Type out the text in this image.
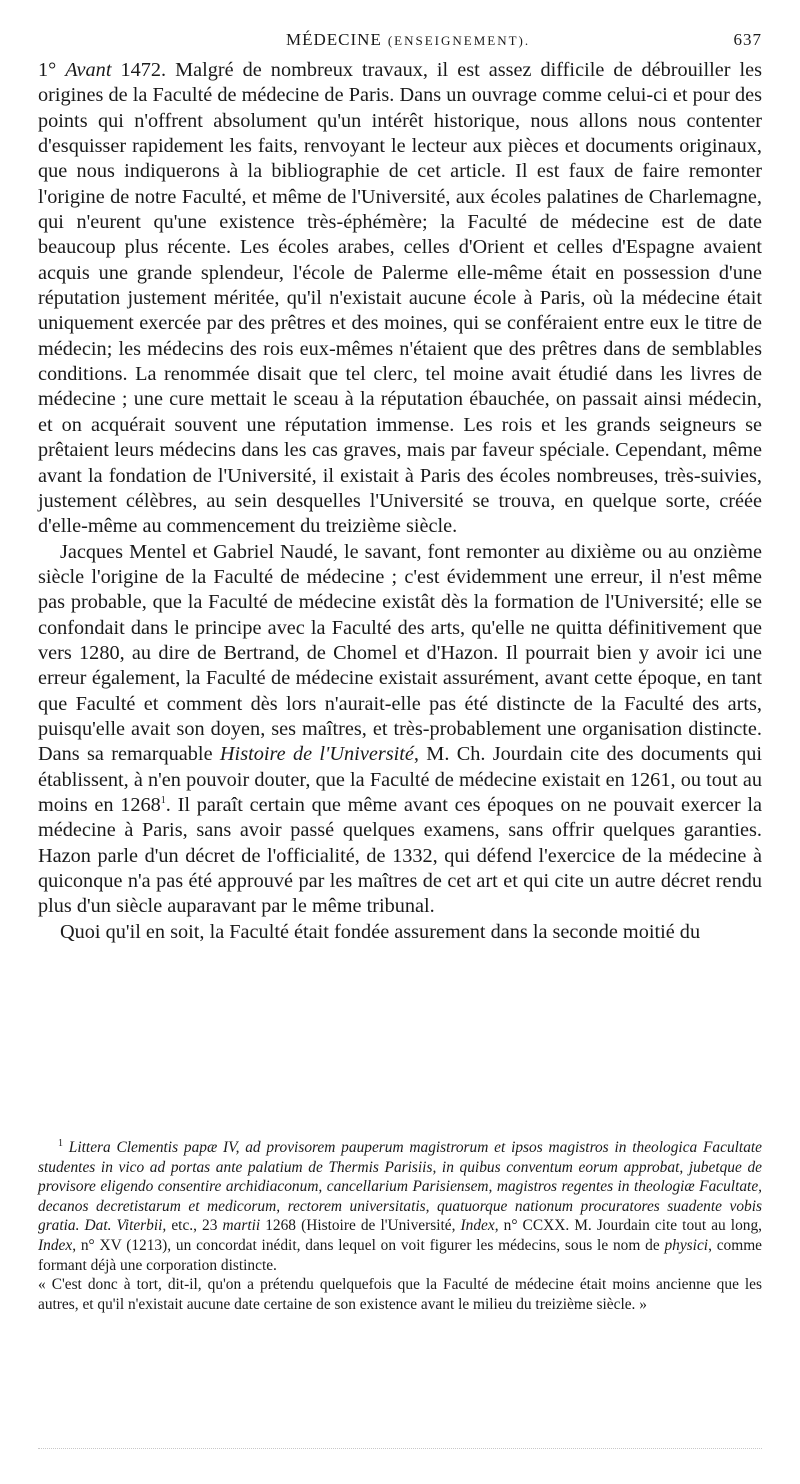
MÉDECINE (ENSEIGNEMENT).	637

1° Avant 1472. Malgré de nombreux travaux, il est assez difficile de débrouiller les origines de la Faculté de médecine de Paris. Dans un ouvrage comme celui-ci et pour des points qui n'offrent absolument qu'un intérêt historique, nous allons nous contenter d'esquisser rapidement les faits, renvoyant le lecteur aux pièces et documents originaux, que nous indiquerons à la bibliographie de cet article. Il est faux de faire remonter l'origine de notre Faculté, et même de l'Université, aux écoles palatines de Charlemagne, qui n'eurent qu'une existence très-éphémère; la Faculté de médecine est de date beaucoup plus récente. Les écoles arabes, celles d'Orient et celles d'Espagne avaient acquis une grande splendeur, l'école de Palerme elle-même était en possession d'une réputation justement méritée, qu'il n'existait aucune école à Paris, où la médecine était uniquement exercée par des prêtres et des moines, qui se conféraient entre eux le titre de médecin; les médecins des rois eux-mêmes n'étaient que des prêtres dans de semblables conditions. La renommée disait que tel clerc, tel moine avait étudié dans les livres de médecine ; une cure mettait le sceau à la réputation ébauchée, on passait ainsi médecin, et on acquérait souvent une réputation immense. Les rois et les grands seigneurs se prêtaient leurs médecins dans les cas graves, mais par faveur spéciale. Cependant, même avant la fondation de l'Université, il existait à Paris des écoles nombreuses, très-suivies, justement célèbres, au sein desquelles l'Université se trouva, en quelque sorte, créée d'elle-même au commencement du treizième siècle.

Jacques Mentel et Gabriel Naudé, le savant, font remonter au dixième ou au onzième siècle l'origine de la Faculté de médecine ; c'est évidemment une erreur, il n'est même pas probable, que la Faculté de médecine existât dès la formation de l'Université; elle se confondait dans le principe avec la Faculté des arts, qu'elle ne quitta définitivement que vers 1280, au dire de Bertrand, de Chomel et d'Hazon. Il pourrait bien y avoir ici une erreur également, la Faculté de médecine existait assurément, avant cette époque, en tant que Faculté et comment dès lors n'aurait-elle pas été distincte de la Faculté des arts, puisqu'elle avait son doyen, ses maîtres, et très-probablement une organisation distincte. Dans sa remarquable Histoire de l'Université, M. Ch. Jourdain cite des documents qui établissent, à n'en pouvoir douter, que la Faculté de médecine existait en 1261, ou tout au moins en 1268$^1$. Il paraît certain que même avant ces époques on ne pouvait exercer la médecine à Paris, sans avoir passé quelques examens, sans offrir quelques garanties. Hazon parle d'un décret de l'officialité, de 1332, qui défend l'exercice de la médecine à quiconque n'a pas été approuvé par les maîtres de cet art et qui cite un autre décret rendu plus d'un siècle auparavant par le même tribunal.

Quoi qu'il en soit, la Faculté était fondée assurement dans la seconde moitié du

$^1$ Littera Clementis papæ IV, ad provisorem pauperum magistrorum et ipsos magistros in theologica Facultate studentes in vico ad portas ante palatium de Thermis Parisiis, in quibus conventum eorum approbat, jubetque de provisore eligendo consentire archidiaconum, cancellarium Parisiensem, magistros regentes in theologiæ Facultate, decanos decretistarum et medicorum, rectorem universitatis, quatuorque nationum procuratores suadente vobis gratia. Dat. Viterbii, etc., 23 martii 1268 (Histoire de l'Université, Index, n° CCXX. M. Jourdain cite tout au long, Index, n° XV (1213), un concordat inédit, dans lequel on voit figurer les médecins, sous le nom de physici, comme formant déjà une corporation distincte.

« C'est donc à tort, dit-il, qu'on a prétendu quelquefois que la Faculté de médecine était moins ancienne que les autres, et qu'il n'existait aucune date certaine de son existence avant le milieu du treizième siècle. »
